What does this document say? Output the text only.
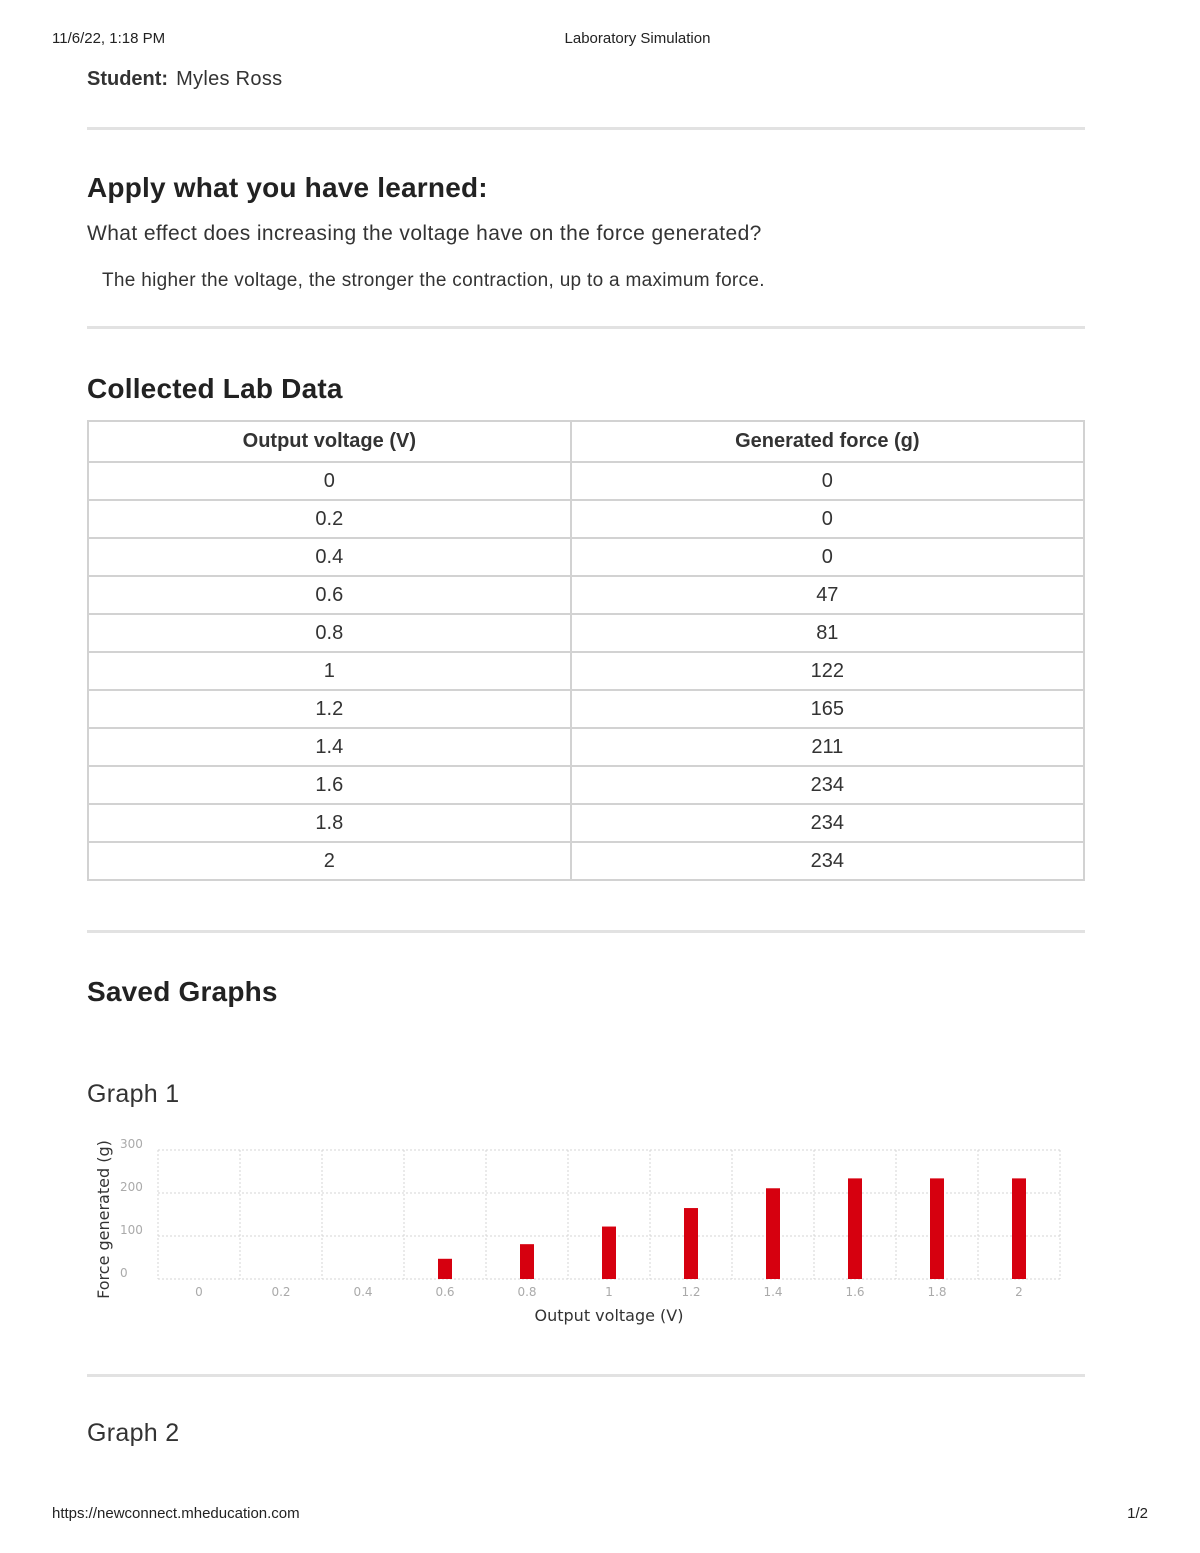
11/6/22, 1:18 PM	Laboratory Simulation
Student: Myles Ross
Apply what you have learned:
What effect does increasing the voltage have on the force generated?
The higher the voltage, the stronger the contraction, up to a maximum force.
Collected Lab Data
Output voltage (V)	Generated force (g)
0	0
0.2	0
0.4	0
0.6	47
0.8	81
1	122
1.2	165
1.4	211
1.6	234
1.8	234
2	234
Saved Graphs
Graph 1
Graph 2
0
100
200
300
0	0.2	0.4	0.6	0.8	1	1.2	1.4	1.6	1.8	2
Output voltage (V)
Force generated (g)
https://newconnect.mheducation.com	1/2
